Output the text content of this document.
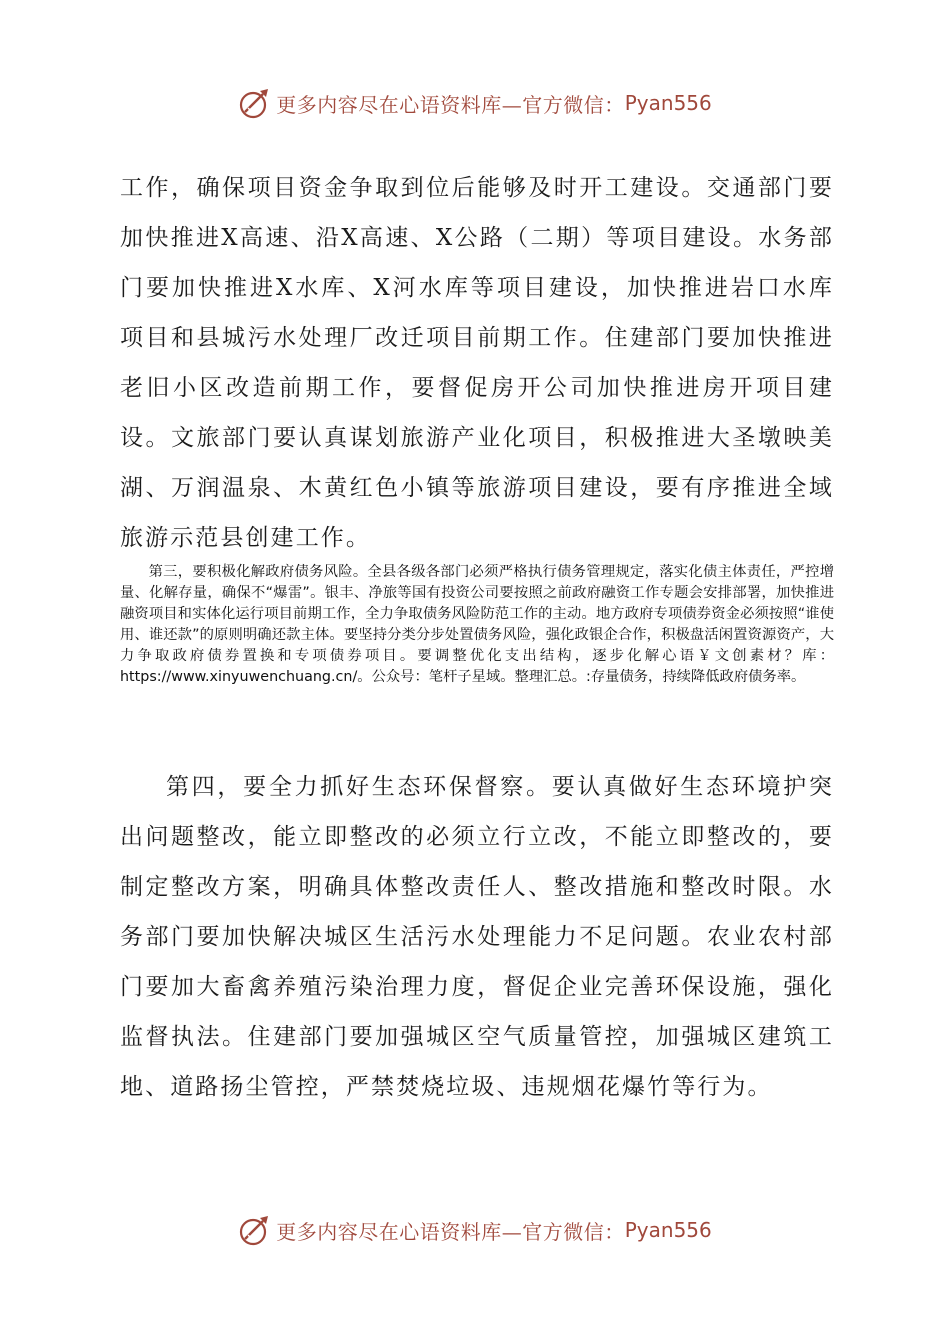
更多内容尽在心语资料库—官方微信： Pyan556

工作，确保项目资金争取到位后能够及时开工建设。交通部门要加快推进X高速、沿X高速、X公路（二期）等项目建设。水务部门要加快推进X水库、X河水库等项目建设，加快推进岩口水库项目和县城污水处理厂改迁项目前期工作。住建部门要加快推进老旧小区改造前期工作，要督促房开公司加快推进房开项目建设。文旅部门要认真谋划旅游产业化项目，积极推进大圣墩映美湖、万润温泉、木黄红色小镇等旅游项目建设，要有序推进全域旅游示范县创建工作。

第三，要积极化解政府债务风险。全县各级各部门必须严格执行债务管理规定，落实化债主体责任，严控增量、化解存量，确保不“爆雷”。银丰、净旅等国有投资公司要按照之前政府融资工作专题会安排部署，加快推进融资项目和实体化运行项目前期工作，全力争取债务风险防范工作的主动。地方政府专项债券资金必须按照“谁使用、谁还款”的原则明确还款主体。要坚持分类分步处置债务风险，强化政银企合作，积极盘活闲置资源资产，大力争取政府债券置换和专项债券项目。要调整优化支出结构，逐步化解心语￥文创素材？库：https://www.xinyuwenchuang.cn/。公众号：笔杆子星域。整理汇总。:存量债务，持续降低政府债务率。

第四，要全力抓好生态环保督察。要认真做好生态环境护突出问题整改，能立即整改的必须立行立改，不能立即整改的，要制定整改方案，明确具体整改责任人、整改措施和整改时限。水务部门要加快解决城区生活污水处理能力不足问题。农业农村部门要加大畜禽养殖污染治理力度，督促企业完善环保设施，强化监督执法。住建部门要加强城区空气质量管控，加强城区建筑工地、道路扬尘管控，严禁焚烧垃圾、违规烟花爆竹等行为。

更多内容尽在心语资料库—官方微信： Pyan556
